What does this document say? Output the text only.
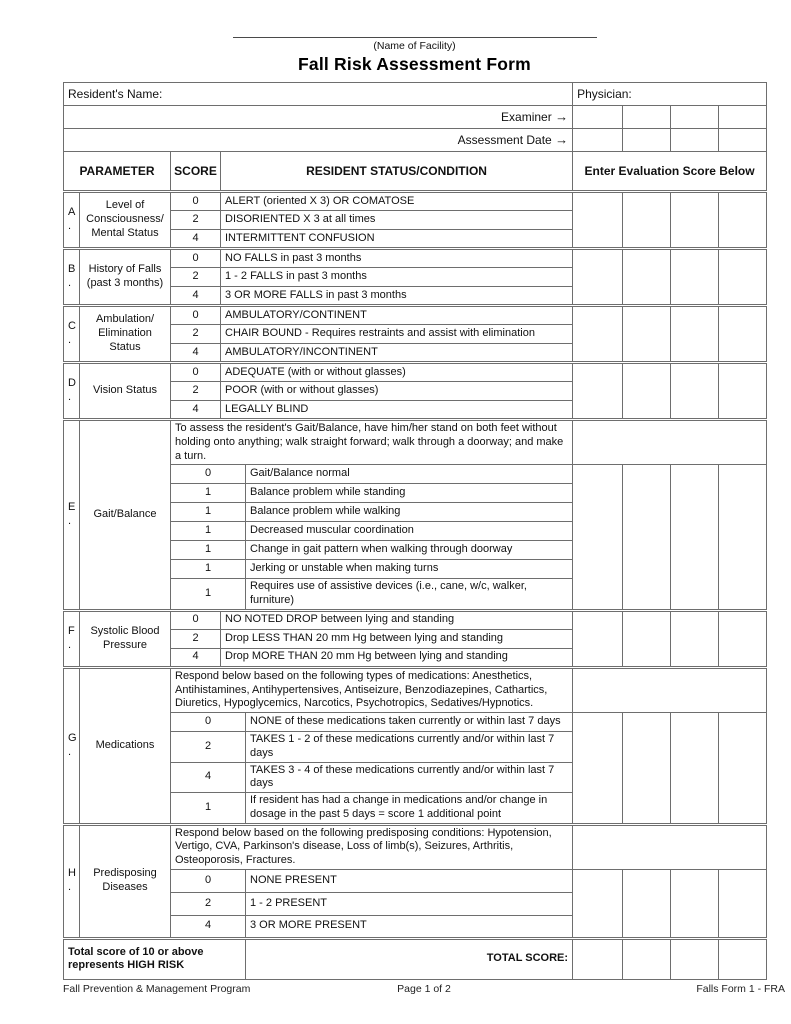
(Name of Facility)
Fall Risk Assessment Form
Resident's Name:					Physician:			
Examiner →								
Assessment Date →								
PARAMETER		SCORE	RESIDENT STATUS/CONDITION		Enter Evaluation Score Below			
A.	Level of Consciousness/ Mental Status	0	ALERT (oriented X 3) OR COMATOSE					
		2	DISORIENTED X 3 at all times					
		4	INTERMITTENT CONFUSION					
B.	History of Falls (past 3 months)	0	NO FALLS in past 3 months					
		2	1 - 2 FALLS in past 3 months					
		4	3 OR MORE FALLS in past 3 months					
C.	Ambulation/ Elimination Status	0	AMBULATORY/CONTINENT					
		2	CHAIR BOUND - Requires restraints and assist with elimination					
		4	AMBULATORY/INCONTINENT					
D.	Vision Status	0	ADEQUATE (with or without glasses)					
		2	POOR (with or without glasses)					
		4	LEGALLY BLIND					
E.	Gait/Balance	To assess the resident's Gait/Balance, have him/her stand on both feet without holding onto anything; walk straight forward; walk through a doorway; and make a turn.						
		0		Gait/Balance normal				
		1		Balance problem while standing				
		1		Balance problem while walking				
		1		Decreased muscular coordination				
		1		Change in gait pattern when walking through doorway				
		1		Jerking or unstable when making turns				
		1		Requires use of assistive devices (i.e., cane, w/c, walker, furniture)				
F.	Systolic Blood Pressure	0	NO NOTED DROP between lying and standing					
		2	Drop LESS THAN 20 mm Hg between lying and standing					
		4	Drop MORE THAN 20 mm Hg between lying and standing					
G.	Medications	Respond below based on the following types of medications: Anesthetics, Antihistamines, Antihypertensives, Antiseizure, Benzodiazepines, Cathartics, Diuretics, Hypoglycemics, Narcotics, Psychotropics, Sedatives/Hypnotics.						
		0		NONE of these medications taken currently or within last 7 days				
		2		TAKES 1 - 2 of these medications currently and/or within last 7 days				
		4		TAKES 3 - 4 of these medications currently and/or within last 7 days				
		1		If resident has had a change in medications and/or change in dosage in the past 5 days = score 1 additional point				
H.	Predisposing Diseases	Respond below based on the following predisposing conditions: Hypotension, Vertigo, CVA, Parkinson's disease, Loss of limb(s), Seizures, Arthritis, Osteoporosis, Fractures.						
		0		NONE PRESENT				
		2		1 - 2 PRESENT				
		4		3 OR MORE PRESENT				
Total score of 10 or above represents HIGH RISK				TOTAL SCORE:				
Fall Prevention & Management Program	Page 1 of 2	Falls Form 1 - FRA
